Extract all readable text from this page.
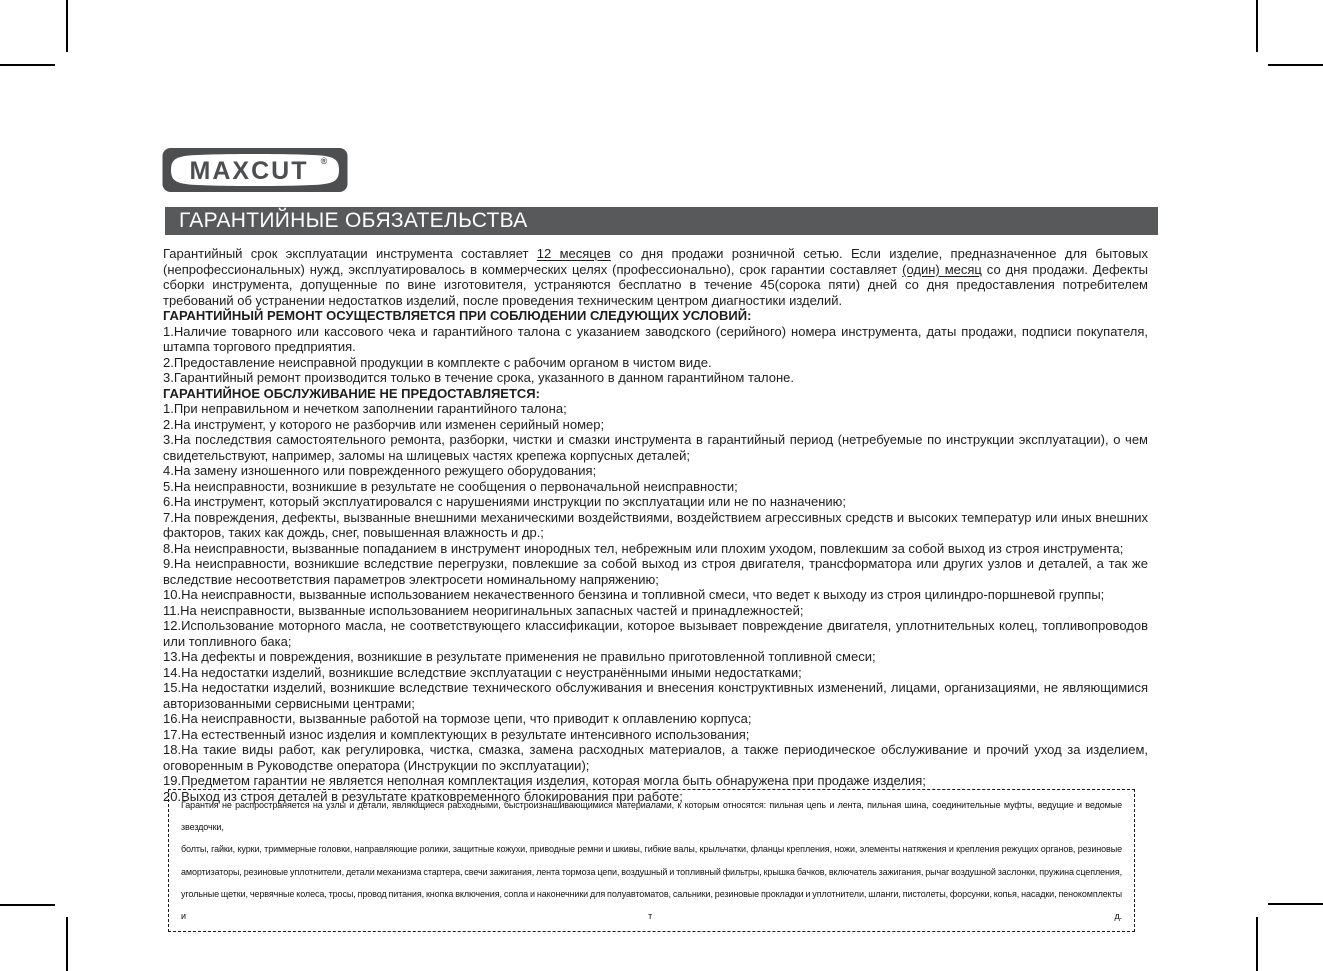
MAXCUT ®
ГАРАНТИЙНЫЕ ОБЯЗАТЕЛЬСТВА

Гарантийный срок эксплуатации инструмента составляет 12 месяцев со дня продажи розничной сетью. Если изделие, предназначенное для бытовых (непрофессиональных) нужд, эксплуатировалось в коммерческих целях (профессионально), срок гарантии составляет (один) месяц со дня продажи. Дефекты сборки инструмента, допущенные по вине изготовителя, устраняются бесплатно в течение 45(сорока пяти) дней со дня предоставления потребителем требований об устранении недостатков изделий, после проведения техническим центром диагностики изделий.

ГАРАНТИЙНЫЙ РЕМОНТ ОСУЩЕСТВЛЯЕТСЯ ПРИ СОБЛЮДЕНИИ СЛЕДУЮЩИХ УСЛОВИЙ:

1.Наличие товарного или кассового чека и гарантийного талона с указанием заводского (серийного) номера инструмента, даты продажи, подписи покупателя, штампа торгового предприятия.

2.Предоставление неисправной продукции в комплекте с рабочим органом в чистом виде.

3.Гарантийный ремонт производится только в течение срока, указанного в данном гарантийном талоне.

ГАРАНТИЙНОЕ ОБСЛУЖИВАНИЕ НЕ ПРЕДОСТАВЛЯЕТСЯ:

1.При неправильном и нечетком заполнении гарантийного талона;

2.На инструмент, у которого не разборчив или изменен серийный номер;

3.На последствия самостоятельного ремонта, разборки, чистки и смазки инструмента в гарантийный период (нетребуемые по инструкции эксплуатации), о чем свидетельствуют, например, заломы на шлицевых частях крепежа корпусных деталей;

4.На замену изношенного или поврежденного режущего оборудования;

5.На неисправности, возникшие в результате не сообщения о первоначальной неисправности;

6.На инструмент, который эксплуатировался с нарушениями инструкции по эксплуатации или не по назначению;

7.На повреждения, дефекты, вызванные внешними механическими воздействиями, воздействием агрессивных средств и высоких температур или иных внешних факторов, таких как дождь, снег, повышенная влажность и др.;

8.На неисправности, вызванные попаданием в инструмент инородных тел, небрежным или плохим уходом, повлекшим за собой выход из строя инструмента;

9.На неисправности, возникшие вследствие перегрузки, повлекшие за собой выход из строя двигателя, трансформатора или других узлов и деталей, а так же вследствие несоответствия параметров электросети номинальному напряжению;

10.На неисправности, вызванные использованием некачественного бензина и топливной смеси, что ведет к выходу из строя цилиндро-поршневой группы;

11.На неисправности, вызванные использованием неоригинальных запасных частей и принадлежностей;

12.Использование моторного масла, не соответствующего классификации, которое вызывает повреждение двигателя, уплотнительных колец, топливопроводов или топливного бака;

13.На дефекты и повреждения, возникшие в результате применения не правильно приготовленной топливной смеси;

14.На недостатки изделий, возникшие вследствие эксплуатации с неустранёнными иными недостатками;

15.На недостатки изделий, возникшие вследствие технического обслуживания и внесения конструктивных изменений, лицами, организациями, не являющимися авторизованными сервисными центрами;

16.На неисправности, вызванные работой на тормозе цепи, что приводит к оплавлению корпуса;

17.На естественный износ изделия и комплектующих в результате интенсивного использования;

18.На такие виды работ, как регулировка, чистка, смазка, замена расходных материалов, а также периодическое обслуживание и прочий уход за изделием, оговоренным в Руководстве оператора (Инструкции по эксплуатации);

19.Предметом гарантии не является неполная комплектация изделия, которая могла быть обнаружена при продаже изделия;

20.Выход из строя деталей в результате кратковременного блокирования при работе;

Гарантия не распространяется на узлы и детали, являющиеся расходными, быстроизнашивающимися материалами, к которым относятся: пильная цепь и лента, пильная шина, соединительные муфты, ведущие и ведомые звездочки,
болты, гайки, курки, триммерные головки, направляющие ролики, защитные кожухи, приводные ремни и шкивы, гибкие валы, крыльчатки, фланцы крепления, ножи, элементы натяжения и крепления режущих органов, резиновые
амортизаторы, резиновые уплотнители, детали механизма стартера, свечи зажигания, лента тормоза цепи, воздушный и топливный фильтры, крышка бачков, включатель зажигания, рычаг воздушной заслонки, пружина сцепления,
угольные щетки, червячные колеса, тросы, провод питания, кнопка включения, сопла и наконечники для полуавтоматов, сальники, резиновые прокладки и уплотнители, шланги, пистолеты, форсунки, копья, насадки, пенокомплекты и т д.
